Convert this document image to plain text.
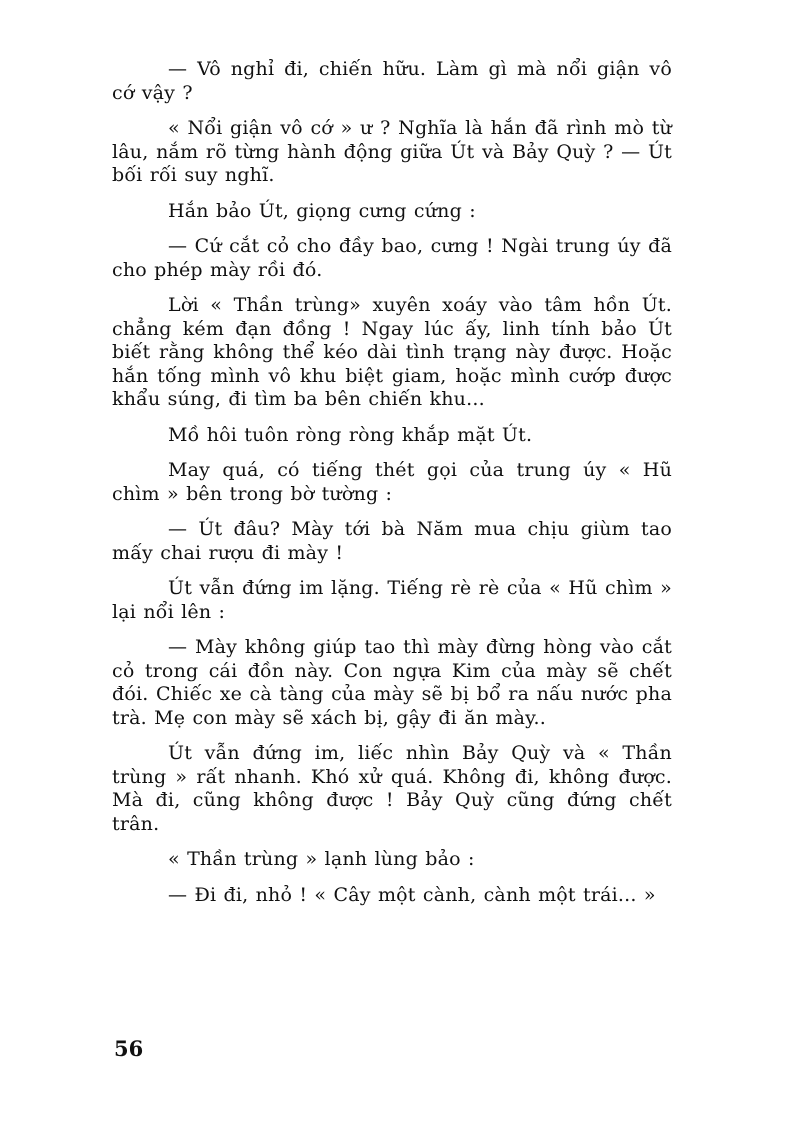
— Vô nghỉ đi, chiến hữu. Làm gì mà nổi giận vô cớ vậy ?

« Nổi giận vô cớ » ư ? Nghĩa là hắn đã rình mò từ lâu, nắm rõ từng hành động giữa Út và Bảy Quỳ ? — Út bối rối suy nghĩ.

Hắn bảo Út, giọng cưng cứng :

— Cứ cắt cỏ cho đầy bao, cưng ! Ngài trung úy đã cho phép mày rồi đó.

Lời « Thần trùng» xuyên xoáy vào tâm hồn Út. chẳng kém đạn đồng ! Ngay lúc ấy, linh tính bảo Út biết rằng không thể kéo dài tình trạng này được. Hoặc hắn tống mình vô khu biệt giam, hoặc mình cướp được khẩu súng, đi tìm ba bên chiến khu...

Mồ hôi tuôn ròng ròng khắp mặt Út.

May quá, có tiếng thét gọi của trung úy « Hũ chìm » bên trong bờ tường :

— Út đâu? Mày tới bà Năm mua chịu giùm tao mấy chai rượu đi mày !

Út vẫn đứng im lặng. Tiếng rè rè của « Hũ chìm » lại nổi lên :

— Mày không giúp tao thì mày đừng hòng vào cắt cỏ trong cái đồn này. Con ngựa Kim của mày sẽ chết đói. Chiếc xe cà tàng của mày sẽ bị bổ ra nấu nước pha trà. Mẹ con mày sẽ xách bị, gậy đi ăn mày..

Út vẫn đứng im, liếc nhìn Bảy Quỳ và « Thần trùng » rất nhanh. Khó xử quá. Không đi, không được. Mà đi, cũng không được ! Bảy Quỳ cũng đứng chết trân.

« Thần trùng » lạnh lùng bảo :

— Đi đi, nhỏ ! « Cây một cành, cành một trái... »

56
